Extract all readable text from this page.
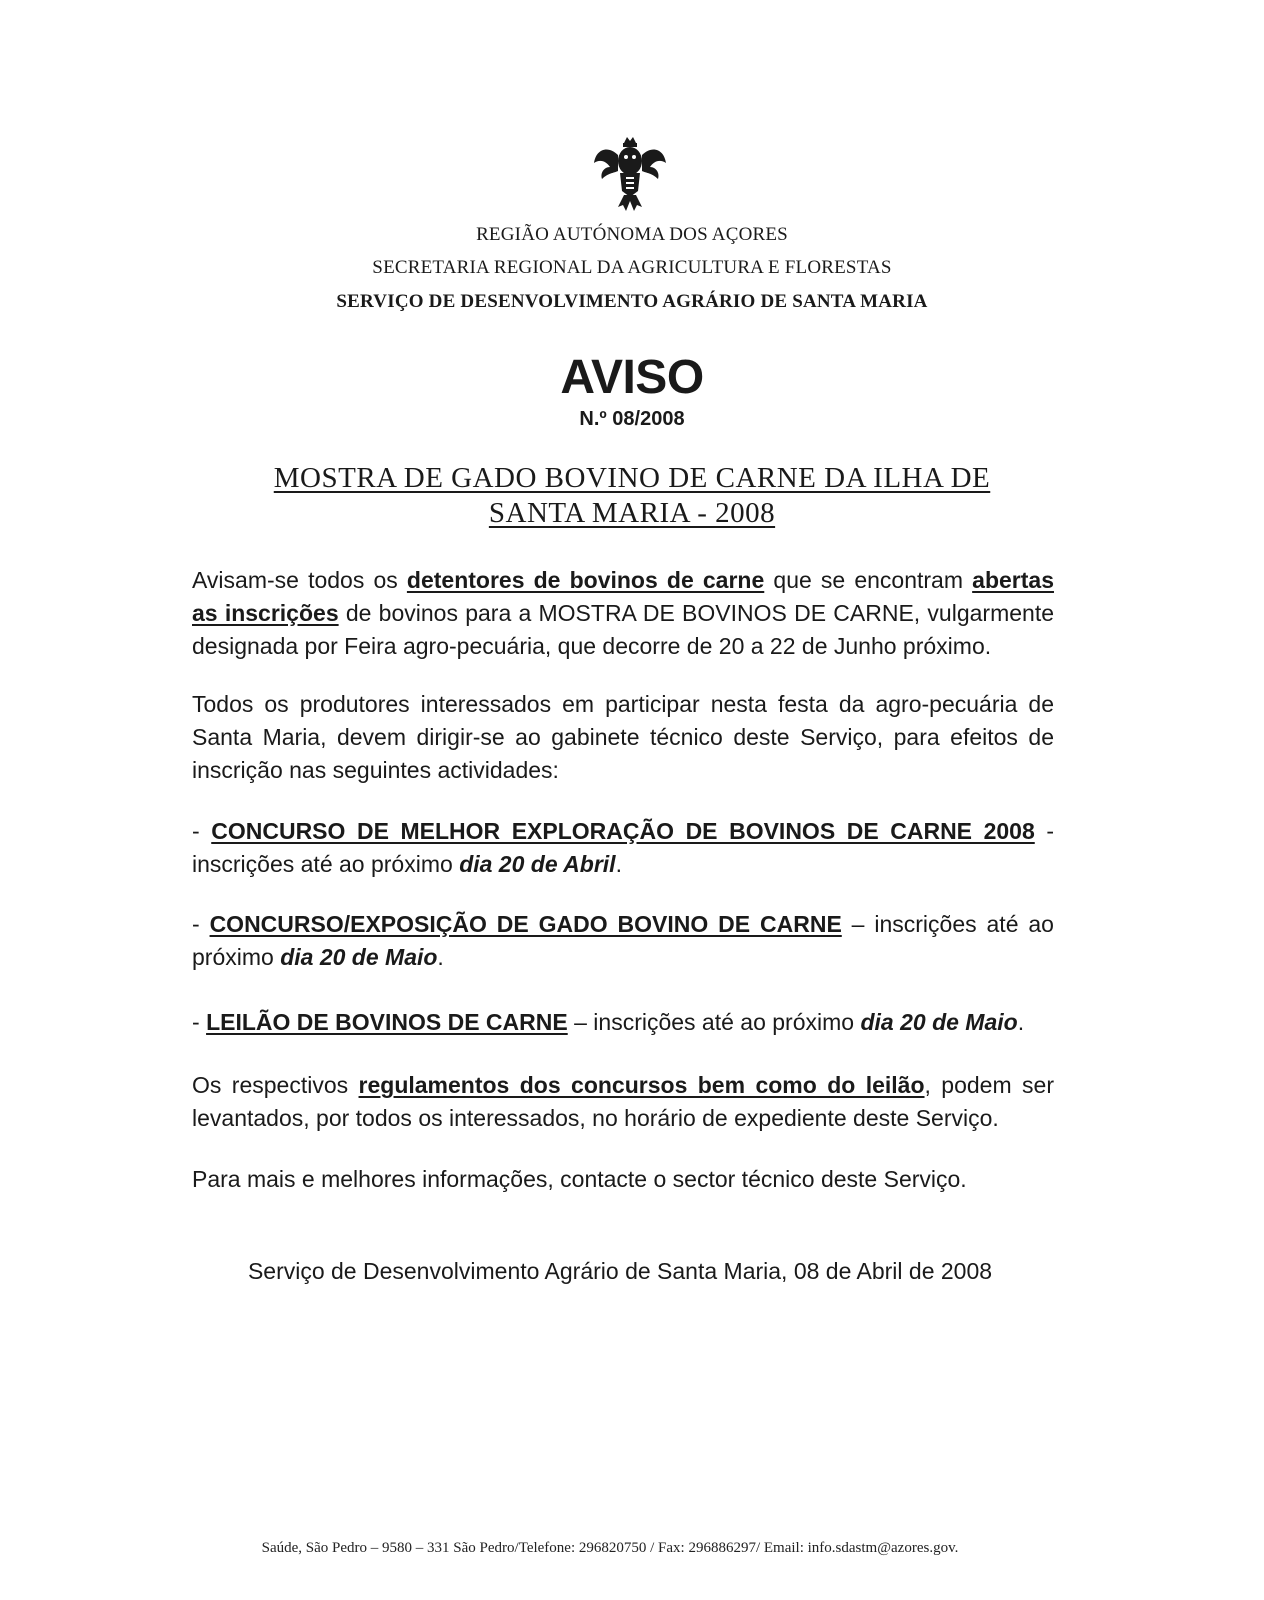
REGIÃO AUTÓNOMA DOS AÇORES
SECRETARIA REGIONAL DA AGRICULTURA E FLORESTAS
SERVIÇO DE DESENVOLVIMENTO AGRÁRIO DE SANTA MARIA
AVISO
N.º 08/2008
MOSTRA DE GADO BOVINO DE CARNE DA ILHA DE
SANTA MARIA - 2008
Avisam-se todos os detentores de bovinos de carne que se encontram abertas as inscrições de bovinos para a MOSTRA DE BOVINOS DE CARNE, vulgarmente designada por Feira agro-pecuária, que decorre de 20 a 22 de Junho próximo.
Todos os produtores interessados em participar nesta festa da agro-pecuária de Santa Maria, devem dirigir-se ao gabinete técnico deste Serviço, para efeitos de inscrição nas seguintes actividades:
- CONCURSO DE MELHOR EXPLORAÇÃO DE BOVINOS DE CARNE 2008 - inscrições até ao próximo dia 20 de Abril.
- CONCURSO/EXPOSIÇÃO DE GADO BOVINO DE CARNE – inscrições até ao próximo dia 20 de Maio.
- LEILÃO DE BOVINOS DE CARNE – inscrições até ao próximo dia 20 de Maio.
Os respectivos regulamentos dos concursos bem como do leilão, podem ser levantados, por todos os interessados, no horário de expediente deste Serviço.
Para mais e melhores informações, contacte o sector técnico deste Serviço.
Serviço de Desenvolvimento Agrário de Santa Maria, 08 de Abril de 2008
Saúde, São Pedro – 9580 – 331 São Pedro/Telefone: 296820750 / Fax: 296886297/ Email: info.sdastm@azores.gov.
